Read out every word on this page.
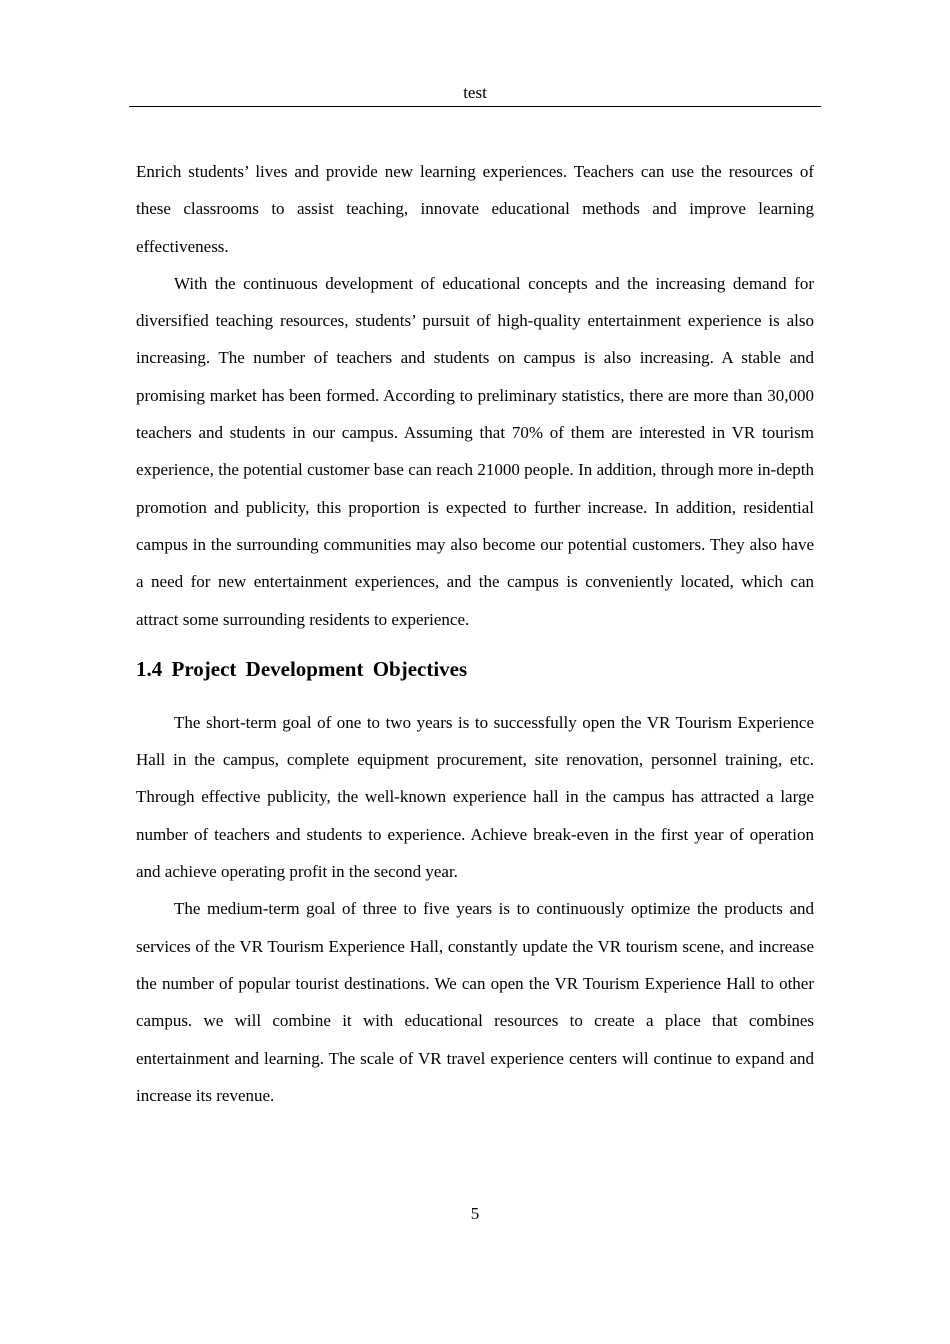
test

Enrich students’ lives and provide new learning experiences. Teachers can use the resources of these classrooms to assist teaching, innovate educational methods and improve learning effectiveness.

With the continuous development of educational concepts and the increasing demand for diversified teaching resources, students’ pursuit of high-quality entertainment experience is also increasing. The number of teachers and students on campus is also increasing. A stable and promising market has been formed. According to preliminary statistics, there are more than 30,000 teachers and students in our campus. Assuming that 70% of them are interested in VR tourism experience, the potential customer base can reach 21000 people. In addition, through more in-depth promotion and publicity, this proportion is expected to further increase. In addition, residential campus in the surrounding communities may also become our potential customers. They also have a need for new entertainment experiences, and the campus is conveniently located, which can attract some surrounding residents to experience.

1.4 Project Development Objectives

The short-term goal of one to two years is to successfully open the VR Tourism Experience Hall in the campus, complete equipment procurement, site renovation, personnel training, etc. Through effective publicity, the well-known experience hall in the campus has attracted a large number of teachers and students to experience. Achieve break-even in the first year of operation and achieve operating profit in the second year.

The medium-term goal of three to five years is to continuously optimize the products and services of the VR Tourism Experience Hall, constantly update the VR tourism scene, and increase the number of popular tourist destinations. We can open the VR Tourism Experience Hall to other campus. we will combine it with educational resources to create a place that combines entertainment and learning. The scale of VR travel experience centers will continue to expand and increase its revenue.

5
